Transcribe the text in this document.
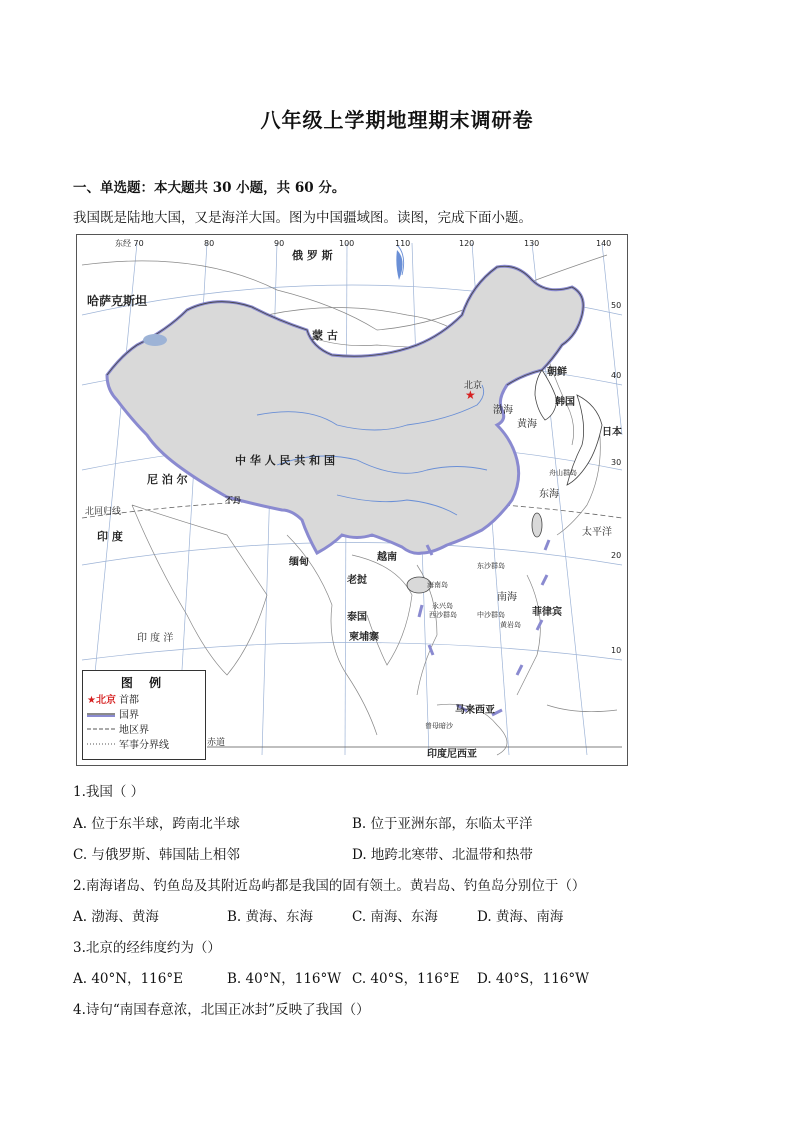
八年级上学期地理期末调研卷
一、单选题：本大题共 30 小题，共 60 分。
我国既是陆地大国，又是海洋大国。图为中国疆域图。读图，完成下面小题。
东经 70	80	90	100	110	120	130	140
50
40
30
20
10
北回归线
赤道
俄 罗 斯
哈萨克斯坦
蒙 古
中 华 人 民 共 和 国
尼 泊 尔
印 度
不丹
缅甸
老挝
泰国
柬埔寨
越南
朝鲜
韩国
日本
菲律宾
马来西亚
印度尼西亚
渤海
黄海
东海
南海
太平洋
印 度 洋
北京
★
海南岛
舟山群岛
东沙群岛
西沙群岛	中沙群岛
黄岩岛
永兴岛
曾母暗沙
图 例
★北京 首都
国界
地区界
军事分界线
1.我国（ ）
A. 位于东半球，跨南北半球	B. 位于亚洲东部，东临太平洋
C. 与俄罗斯、韩国陆上相邻	D. 地跨北寒带、北温带和热带
2.南海诸岛、钓鱼岛及其附近岛屿都是我国的固有领土。黄岩岛、钓鱼岛分别位于（）
A. 渤海、黄海	B. 黄海、东海	C. 南海、东海	D. 黄海、南海
3.北京的经纬度约为（）
A. 40°N，116°E	B. 40°N，116°W C. 40°S，116°E D. 40°S，116°W
4.诗句“南国春意浓，北国正冰封”反映了我国（）
